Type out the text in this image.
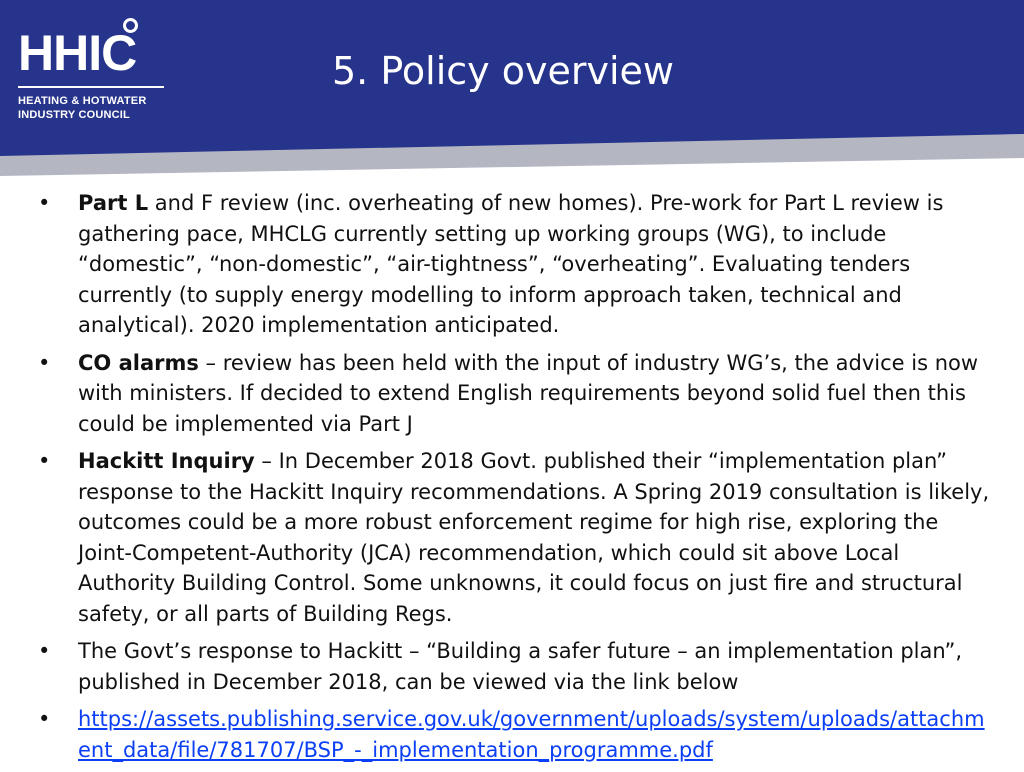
HHIC
HEATING & HOTWATER
INDUSTRY COUNCIL
5. Policy overview
• Part L and F review (inc. overheating of new homes). Pre-work for Part L review is gathering pace, MHCLG currently setting up working groups (WG), to include “domestic”, “non-domestic”, “air-tightness”, “overheating”. Evaluating tenders currently (to supply energy modelling to inform approach taken, technical and analytical). 2020 implementation anticipated.
• CO alarms – review has been held with the input of industry WG’s, the advice is now with ministers. If decided to extend English requirements beyond solid fuel then this could be implemented via Part J
• Hackitt Inquiry – In December 2018 Govt. published their “implementation plan” response to the Hackitt Inquiry recommendations. A Spring 2019 consultation is likely, outcomes could be a more robust enforcement regime for high rise, exploring the Joint-Competent-Authority (JCA) recommendation, which could sit above Local Authority Building Control. Some unknowns, it could focus on just fire and structural safety, or all parts of Building Regs.
• The Govt’s response to Hackitt – “Building a safer future – an implementation plan”, published in December 2018, can be viewed via the link below
• https://assets.publishing.service.gov.uk/government/uploads/system/uploads/attachment_data/file/781707/BSP_-_implementation_programme.pdf
